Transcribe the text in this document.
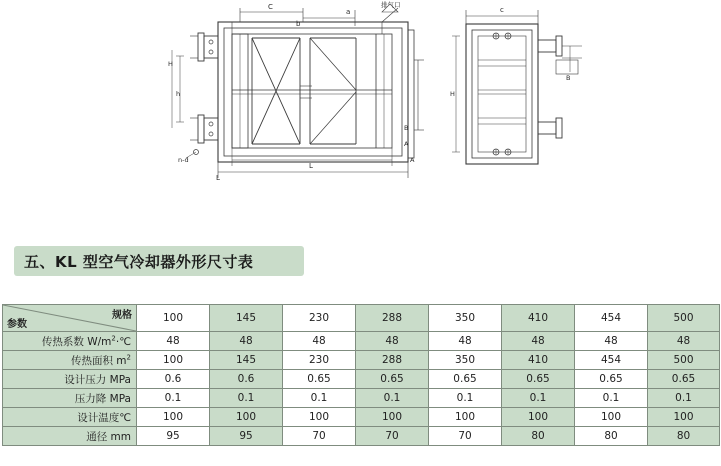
C
b
a
排气口
H
h
A
B
L
L
A
n-d
c
H
B
五、KL 型空气冷却器外形尺寸表
规格
参数	100	145	230	288	350	410	454	500
传热系数 $W/m^2\cdot℃$	48	48	48	48	48	48	48	48
传热面积 $m^2$	100	145	230	288	350	410	454	500
设计压力 MPa	0.6	0.6	0.65	0.65	0.65	0.65	0.65	0.65
压力降 MPa	0.1	0.1	0.1	0.1	0.1	0.1	0.1	0.1
设计温度℃	100	100	100	100	100	100	100	100
通径 mm	95	95	70	70	70	80	80	80
